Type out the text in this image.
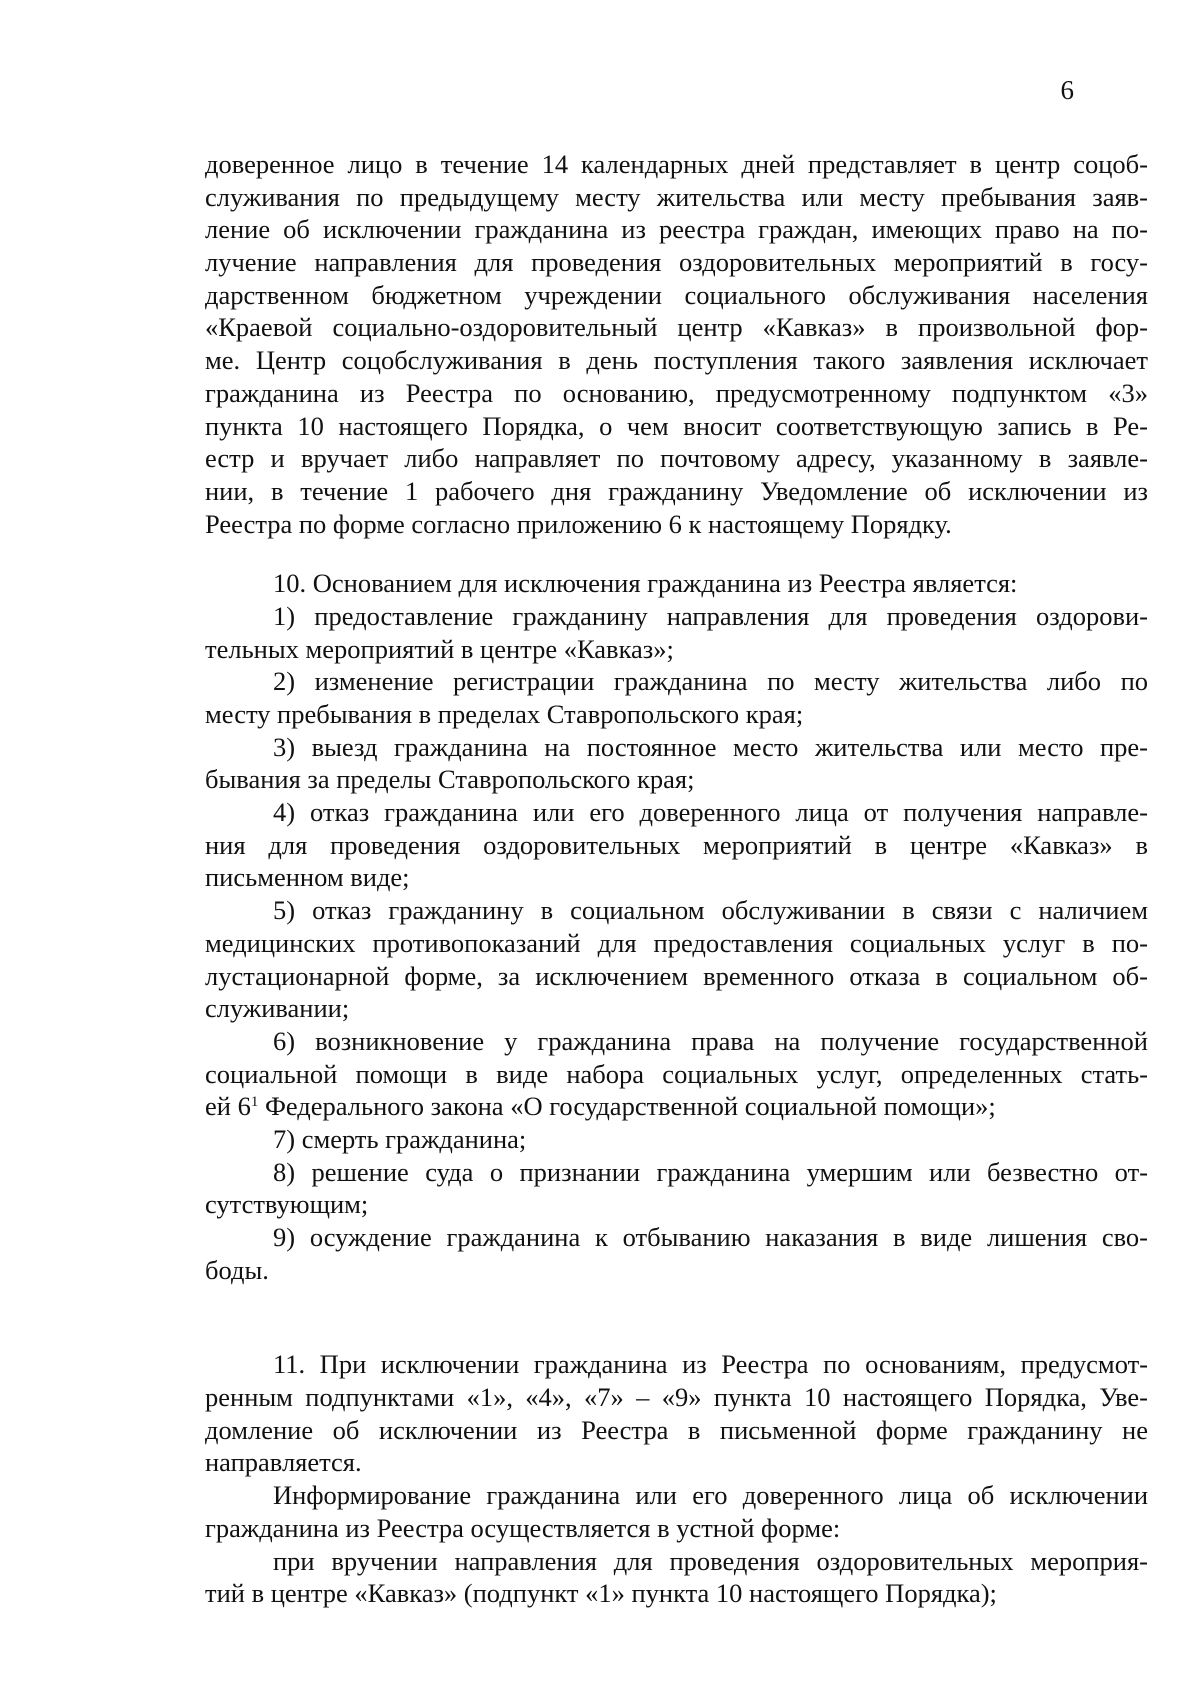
6
доверенное лицо в течение 14 календарных дней представляет в центр соцоб-
служивания по предыдущему месту жительства или месту пребывания заяв-
ление об исключении гражданина из реестра граждан, имеющих право на по-
лучение направления для проведения оздоровительных мероприятий в госу-
дарственном бюджетном учреждении социального обслуживания населения
«Краевой социально-оздоровительный центр «Кавказ» в произвольной фор-
ме. Центр соцобслуживания в день поступления такого заявления исключает
гражданина из Реестра по основанию, предусмотренному подпунктом «3»
пункта 10 настоящего Порядка, о чем вносит соответствующую запись в Ре-
естр и вручает либо направляет по почтовому адресу, указанному в заявле-
нии, в течение 1 рабочего дня гражданину Уведомление об исключении из
Реестра по форме согласно приложению 6 к настоящему Порядку.
10. Основанием для исключения гражданина из Реестра является:
1) предоставление гражданину направления для проведения оздорови-
тельных мероприятий в центре «Кавказ»;
2) изменение регистрации гражданина по месту жительства либо по
месту пребывания в пределах Ставропольского края;
3) выезд гражданина на постоянное место жительства или место пре-
бывания за пределы Ставропольского края;
4) отказ гражданина или его доверенного лица от получения направле-
ния для проведения оздоровительных мероприятий в центре «Кавказ» в
письменном виде;
5) отказ гражданину в социальном обслуживании в связи с наличием
медицинских противопоказаний для предоставления социальных услуг в по-
лустационарной форме, за исключением временного отказа в социальном об-
служивании;
6) возникновение у гражданина права на получение государственной
социальной помощи в виде набора социальных услуг, определенных стать-
ей $6^1$ Федерального закона «О государственной социальной помощи»;
7) смерть гражданина;
8) решение суда о признании гражданина умершим или безвестно от-
сутствующим;
9) осуждение гражданина к отбыванию наказания в виде лишения сво-
боды.
11. При исключении гражданина из Реестра по основаниям, предусмот-
ренным подпунктами «1», «4», «7» – «9» пункта 10 настоящего Порядка, Уве-
домление об исключении из Реестра в письменной форме гражданину не
направляется.
Информирование гражданина или его доверенного лица об исключении
гражданина из Реестра осуществляется в устной форме:
при вручении направления для проведения оздоровительных мероприя-
тий в центре «Кавказ» (подпункт «1» пункта 10 настоящего Порядка);
